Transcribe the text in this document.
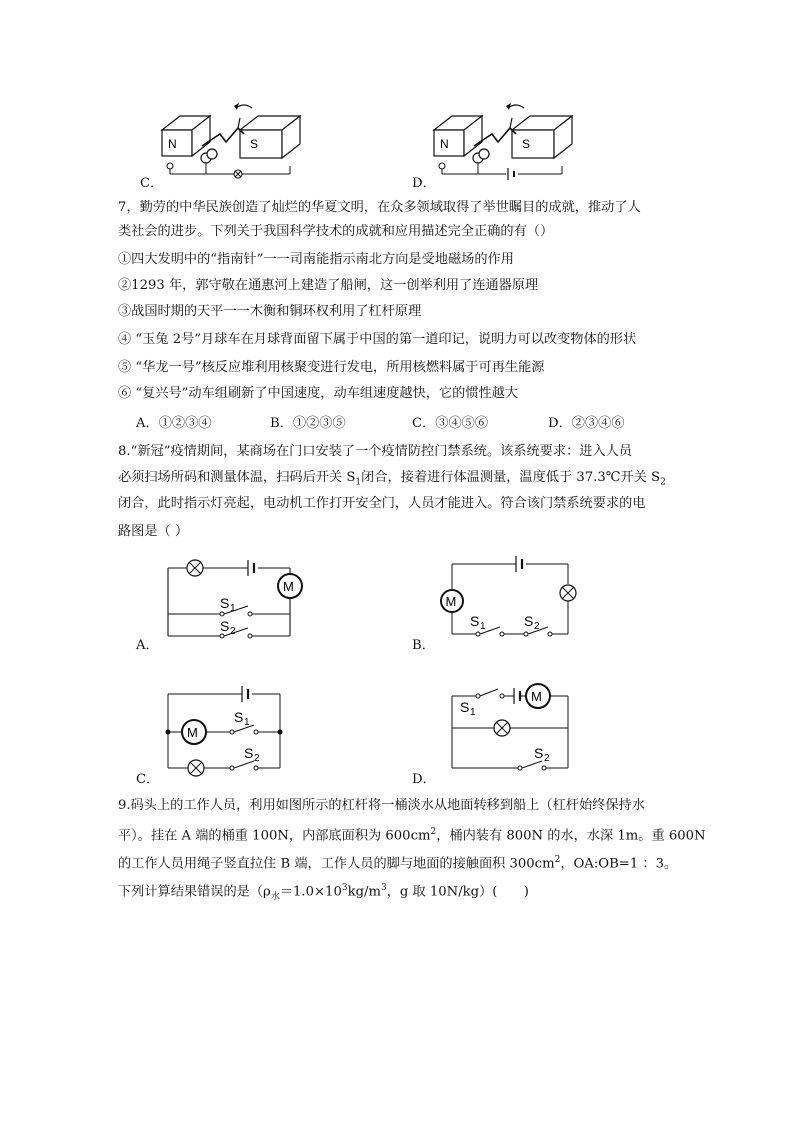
N	S
C．
N	S
D．
7，勤劳的中华民族创造了灿烂的华夏文明，在众多领域取得了举世瞩目的成就，推动了人
类社会的进步。下列关于我国科学技术的成就和应用描述完全正确的有（）
①四大发明中的“指南针”一一司南能指示南北方向是受地磁场的作用
②1293 年，郭守敬在通惠河上建造了船闸，这一创举利用了连通器原理
③战国时期的天平一一木衡和铜环权利用了杠杆原理
④ “玉兔 2号”月球车在月球背面留下属于中国的第一道印记，说明力可以改变物体的形状
⑤ “华龙一号”核反应堆利用核聚变进行发电，所用核燃料属于可再生能源
⑥ “复兴号”动车组刷新了中国速度，动车组速度越快，它的惯性越大
A．①②③④	B．①②③⑤	C．③④⑤⑥	D．②③④⑥
8.“新冠”疫情期间，某商场在门口安装了一个疫情防控门禁系统。该系统要求：进入人员
必须扫场所码和测量体温，扫码后开关 $S_1$闭合，接着进行体温测量，温度低于 37.3℃开关 $S_2$
闭合，此时指示灯亮起，电动机工作打开安全门，人员才能进入。符合该门禁系统要求的电
路图是（ ）
M
S 1
S 2
A．
M
S 1	S 2
B．
M
S 1
S 2
C．
M
S 1
S 2
D．
9.码头上的工作人员，利用如图所示的杠杆将一桶淡水从地面转移到船上（杠杆始终保持水
平）。挂在 A 端的桶重 100N，内部底面积为 $600cm^2$，桶内装有 800N 的水，水深 1m。重 600N
的工作人员用绳子竖直拉住 B 端，工作人员的脚与地面的接触面积 $300cm^2$，OA:OB=1 ：3。
下列计算结果错误的是（$\rho_水=1.0\times 10^3kg/m^3$，g 取 10N/kg）(　　)
